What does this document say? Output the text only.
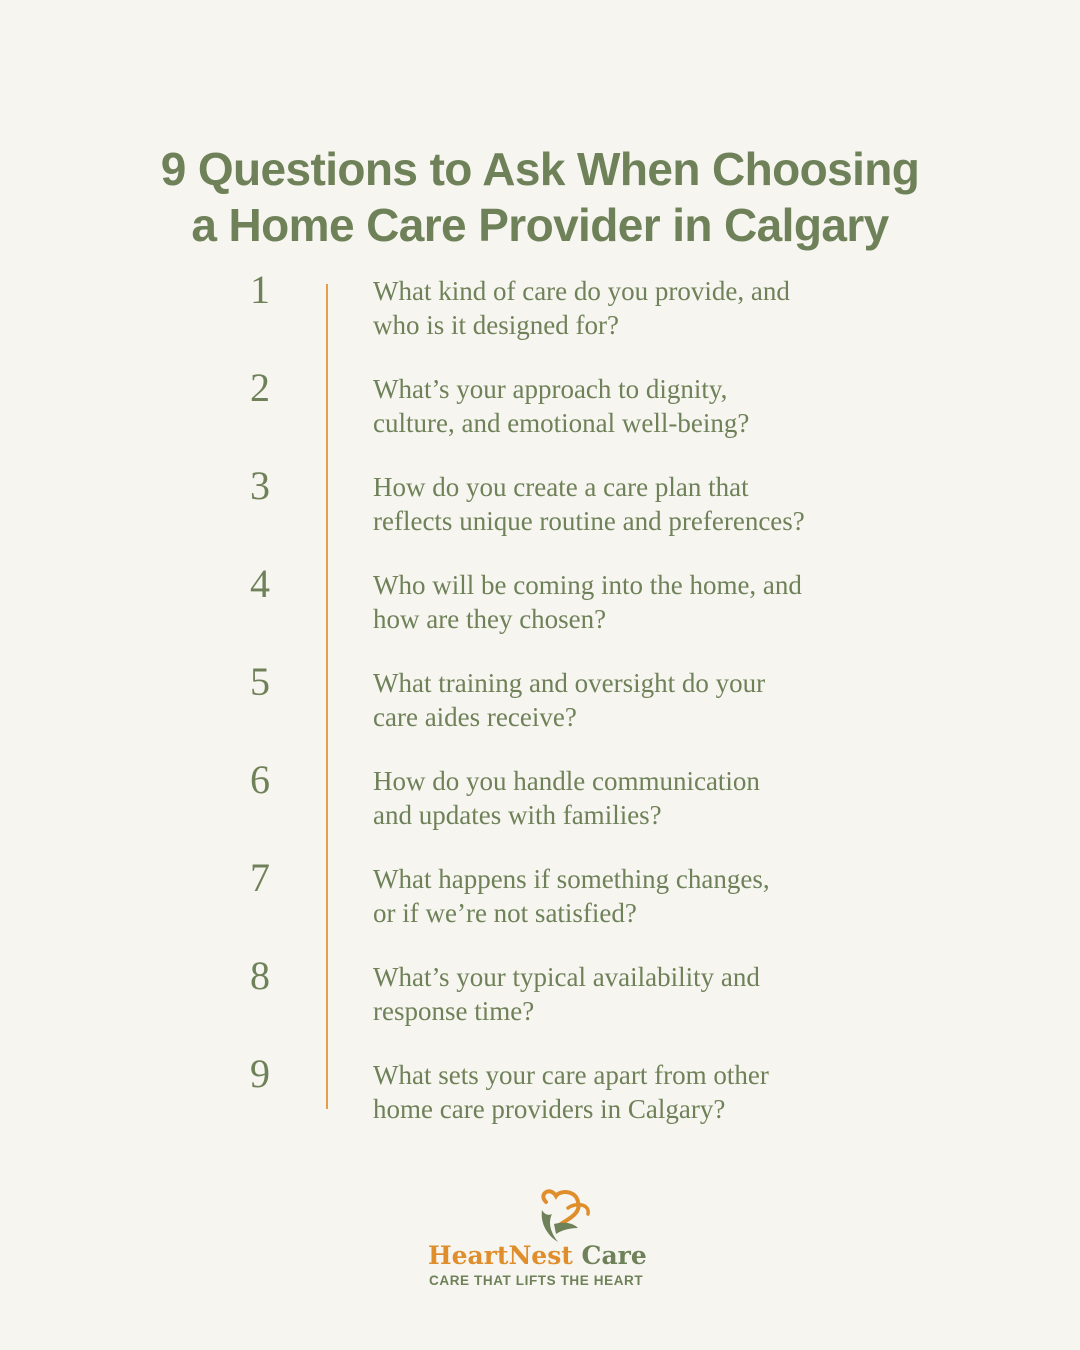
9 Questions to Ask When Choosing
a Home Care Provider in Calgary
1	What kind of care do you provide, and
who is it designed for?
2	What’s your approach to dignity,
culture, and emotional well-being?
3	How do you create a care plan that
reflects unique routine and preferences?
4	Who will be coming into the home, and
how are they chosen?
5	What training and oversight do your
care aides receive?
6	How do you handle communication
and updates with families?
7	What happens if something changes,
or if we’re not satisfied?
8	What’s your typical availability and
response time?
9	What sets your care apart from other
home care providers in Calgary?
HeartNest Care
CARE THAT LIFTS THE HEART
